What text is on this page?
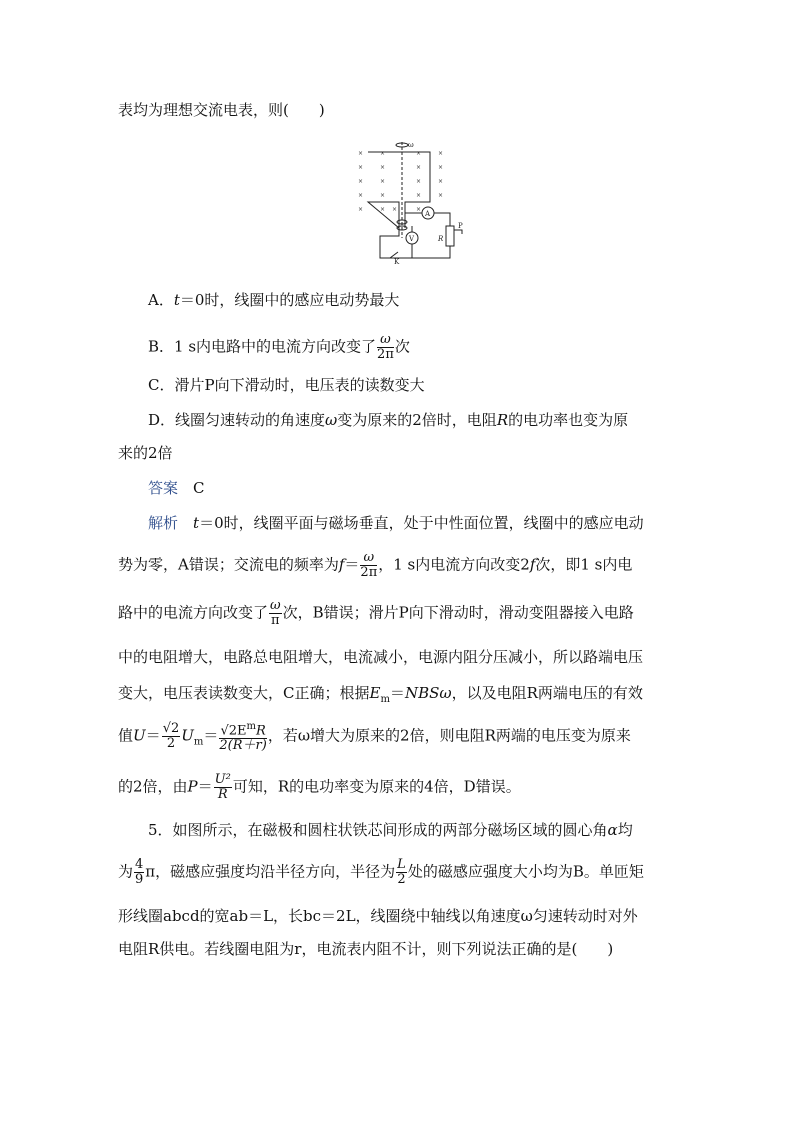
表均为理想交流电表，则(　　)
ω
A
V	R
P
K
×	×	×	×
×	×	×	×
×	×	×	×
×	×	×	×
×	× ×	×
A．t＝0时，线圈中的感应电动势最大
B．1 s内电路中的电流方向改变了 $\frac{\omega}{2\pi}$ 次
C．滑片P向下滑动时，电压表的读数变大
D．线圈匀速转动的角速度ω变为原来的2倍时，电阻R的电功率也变为原
来的2倍
答案　 C
解析　 t＝0时，线圈平面与磁场垂直，处于中性面位置，线圈中的感应电动
势为零，A错误；交流电的频率为$f= \frac{\omega}{2\pi}$ ，1 s内电流方向改变2f次，即1 s内电
路中的电流方向改变了 $\frac{\omega}{\pi}$ 次，B错误；滑片P向下滑动时，滑动变阻器接入电路
中的电阻增大，电路总电阻增大，电流减小，电源内阻分压减小，所以路端电压
变大，电压表读数变大，C正确；根据$E_m=NBS\omega$，以及电阻R两端电压的有效
值$U= \frac{√2}{2} U_m= \frac{√2E^mR}{2(R+r)}$ ，若ω增大为原来的2倍，则电阻R两端的电压变为原来
的2倍，由$P= \frac{\text{U²}}{R}$ 可知，R的电功率变为原来的4倍，D错误。
5．如图所示，在磁极和圆柱状铁芯间形成的两部分磁场区域的圆心角α均
为 $\frac{4}{9}$ π，磁感应强度均沿半径方向，半径为 $\frac{L}{2}$ 处的磁感应强度大小均为B。单匝矩
形线圈abcd的宽ab＝L，长bc＝2L，线圈绕中轴线以角速度ω匀速转动时对外
电阻R供电。若线圈电阻为r，电流表内阻不计，则下列说法正确的是(　　)
